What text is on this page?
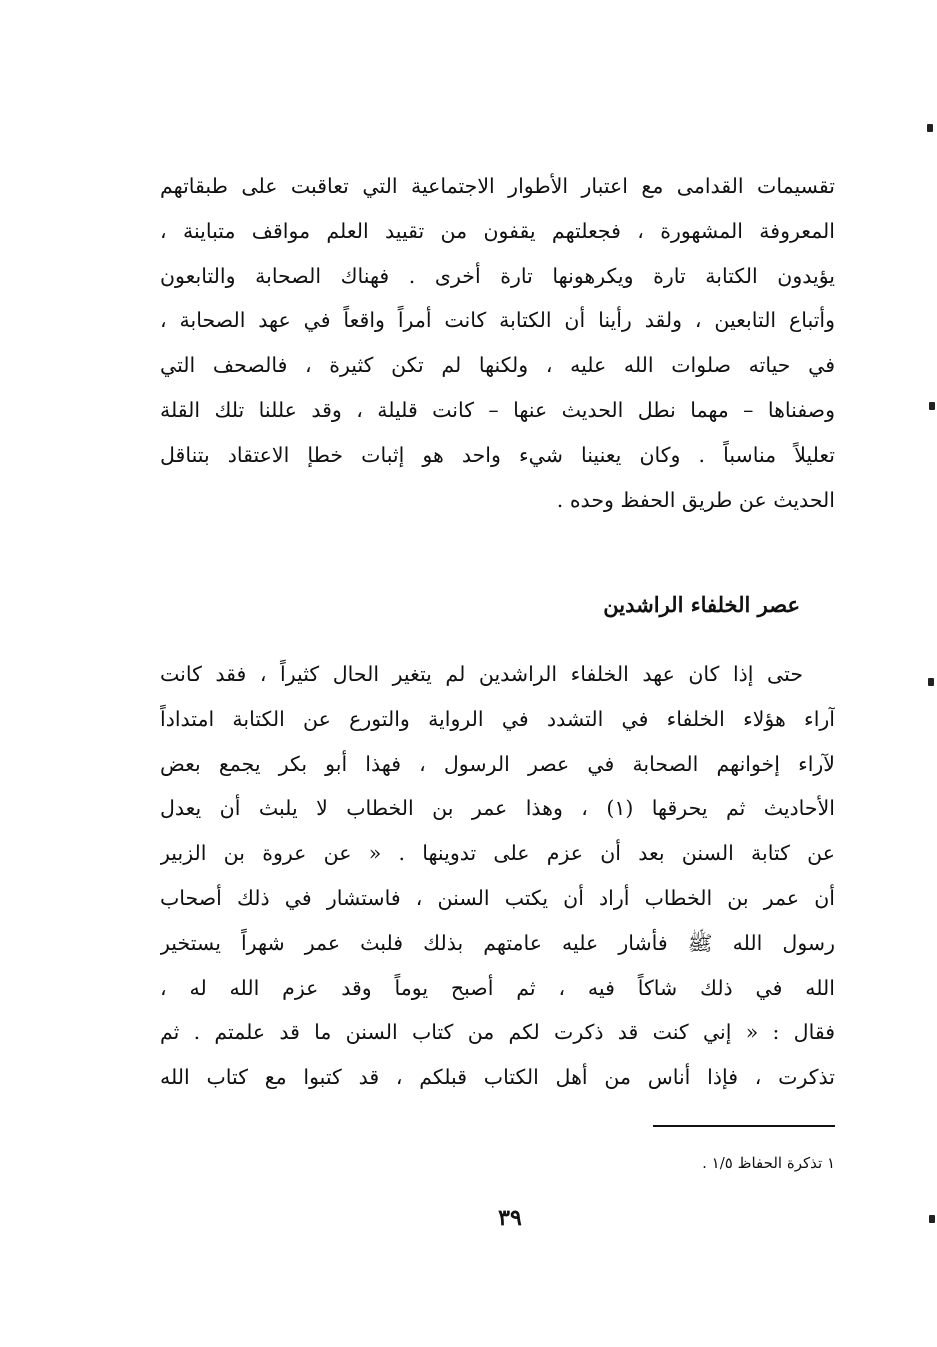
تقسيمات القدامى مع اعتبار الأطوار الاجتماعية التي تعاقبت على طبقاتهم
المعروفة المشهورة ، فجعلتهم يقفون من تقييد العلم مواقف متباينة ،
يؤيدون الكتابة تارة ويكرهونها تارة أخرى . فهناك الصحابة والتابعون
وأتباع التابعين ، ولقد رأينا أن الكتابة كانت أمراً واقعاً في عهد الصحابة ،
في حياته صلوات الله عليه ، ولكنها لم تكن كثيرة ، فالصحف التي
وصفناها – مهما نطل الحديث عنها – كانت قليلة ، وقد عللنا تلك القلة
تعليلاً مناسباً . وكان يعنينا شيء واحد هو إثبات خطإ الاعتقاد بتناقل
الحديث عن طريق الحفظ وحده .
عصر الخلفاء الراشدين
حتى إذا كان عهد الخلفاء الراشدين لم يتغير الحال كثيراً ، فقد كانت
آراء هؤلاء الخلفاء في التشدد في الرواية والتورع عن الكتابة امتداداً
لآراء إخوانهم الصحابة في عصر الرسول ، فهذا أبو بكر يجمع بعض
الأحاديث ثم يحرقها (١) ، وهذا عمر بن الخطاب لا يلبث أن يعدل
عن كتابة السنن بعد أن عزم على تدوينها . « عن عروة بن الزبير
أن عمر بن الخطاب أراد أن يكتب السنن ، فاستشار في ذلك أصحاب
رسول الله ﷺ فأشار عليه عامتهم بذلك فلبث عمر شهراً يستخير
الله في ذلك شاكاً فيه ، ثم أصبح يوماً وقد عزم الله له ،
فقال : « إني كنت قد ذكرت لكم من كتاب السنن ما قد علمتم . ثم
تذكرت ، فإذا أناس من أهل الكتاب قبلكم ، قد كتبوا مع كتاب الله
١ تذكرة الحفاظ ١/٥ .
٣٩
